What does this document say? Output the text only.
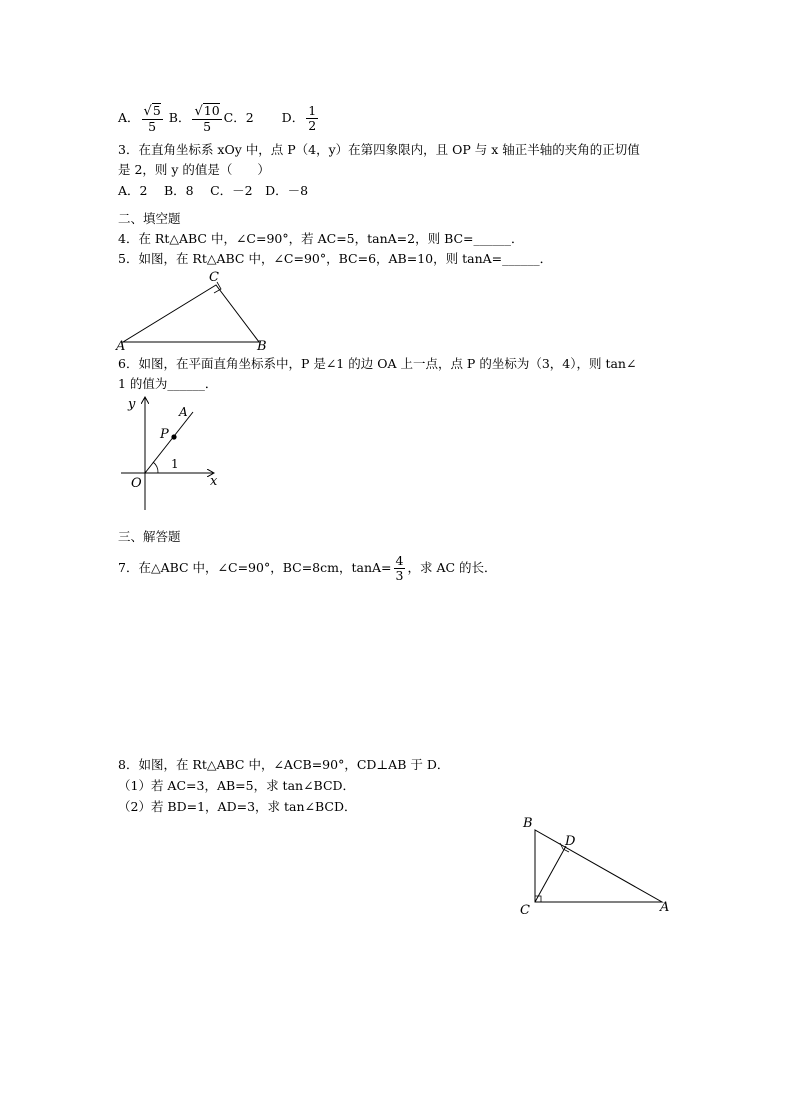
A． $\frac{√5}{5}$ B． $\frac{√10}{5}$ C．2 D． $\frac{1}{2}$
3．在直角坐标系 xOy 中，点 P（4，y）在第四象限内，且 OP 与 x 轴正半轴的夹角的正切值
是 2，则 y 的值是（　　）
A．2　 B．8　 C．－2　D．－8
二、填空题
4．在 Rt△ABC 中，∠C=90°，若 AC=5，tanA=2，则 BC=______．
5．如图，在 Rt△ABC 中，∠C=90°，BC=6，AB=10，则 tanA=______．
C
A	B
6．如图，在平面直角坐标系中，P 是∠1 的边 OA 上一点，点 P 的坐标为（3，4），则 tan∠
1 的值为______．
y	A
P
1
O	x
三、解答题
7．在△ABC 中，∠C=90°，BC=8cm，$\tan A= \frac{4}{3}$ ，求 AC 的长．
8．如图，在 Rt△ABC 中，∠ACB=90°，CD⊥AB 于 D．
（1）若 AC=3，AB=5，求 tan∠BCD．
（2）若 BD=1，AD=3，求 tan∠BCD．
B
D
C	A
